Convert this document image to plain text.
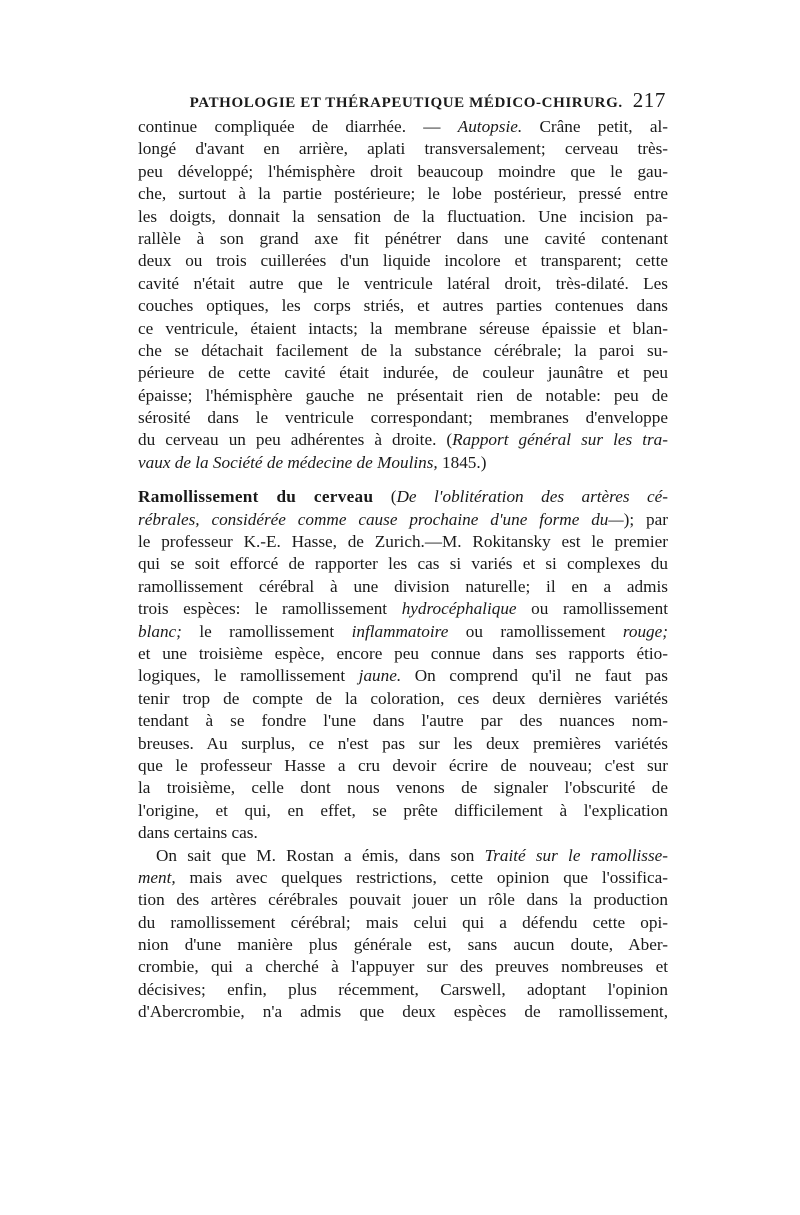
PATHOLOGIE ET THÉRAPEUTIQUE MÉDICO-CHIRURG. 217
continue compliquée de diarrhée. — Autopsie. Crâne petit, al-
longé d'avant en arrière, aplati transversalement; cerveau très-
peu développé; l'hémisphère droit beaucoup moindre que le gau-
che, surtout à la partie postérieure; le lobe postérieur, pressé entre
les doigts, donnait la sensation de la fluctuation. Une incision pa-
rallèle à son grand axe fit pénétrer dans une cavité contenant
deux ou trois cuillerées d'un liquide incolore et transparent; cette
cavité n'était autre que le ventricule latéral droit, très-dilaté. Les
couches optiques, les corps striés, et autres parties contenues dans
ce ventricule, étaient intacts; la membrane séreuse épaissie et blan-
che se détachait facilement de la substance cérébrale; la paroi su-
périeure de cette cavité était indurée, de couleur jaunâtre et peu
épaisse; l'hémisphère gauche ne présentait rien de notable: peu de
sérosité dans le ventricule correspondant; membranes d'enveloppe
du cerveau un peu adhérentes à droite. (Rapport général sur les tra-
vaux de la Société de médecine de Moulins, 1845.)
Ramollissement du cerveau (De l'oblitération des artères cé-
rébrales, considérée comme cause prochaine d'une forme du—); par
le professeur K.-E. Hasse, de Zurich.—M. Rokitansky est le premier
qui se soit efforcé de rapporter les cas si variés et si complexes du
ramollissement cérébral à une division naturelle; il en a admis
trois espèces: le ramollissement hydrocéphalique ou ramollissement
blanc; le ramollissement inflammatoire ou ramollissement rouge;
et une troisième espèce, encore peu connue dans ses rapports étio-
logiques, le ramollissement jaune. On comprend qu'il ne faut pas
tenir trop de compte de la coloration, ces deux dernières variétés
tendant à se fondre l'une dans l'autre par des nuances nom-
breuses. Au surplus, ce n'est pas sur les deux premières variétés
que le professeur Hasse a cru devoir écrire de nouveau; c'est sur
la troisième, celle dont nous venons de signaler l'obscurité de
l'origine, et qui, en effet, se prête difficilement à l'explication
dans certains cas.
On sait que M. Rostan a émis, dans son Traité sur le ramollisse-
ment, mais avec quelques restrictions, cette opinion que l'ossifica-
tion des artères cérébrales pouvait jouer un rôle dans la production
du ramollissement cérébral; mais celui qui a défendu cette opi-
nion d'une manière plus générale est, sans aucun doute, Aber-
crombie, qui a cherché à l'appuyer sur des preuves nombreuses et
décisives; enfin, plus récemment, Carswell, adoptant l'opinion
d'Abercrombie, n'a admis que deux espèces de ramollissement,
